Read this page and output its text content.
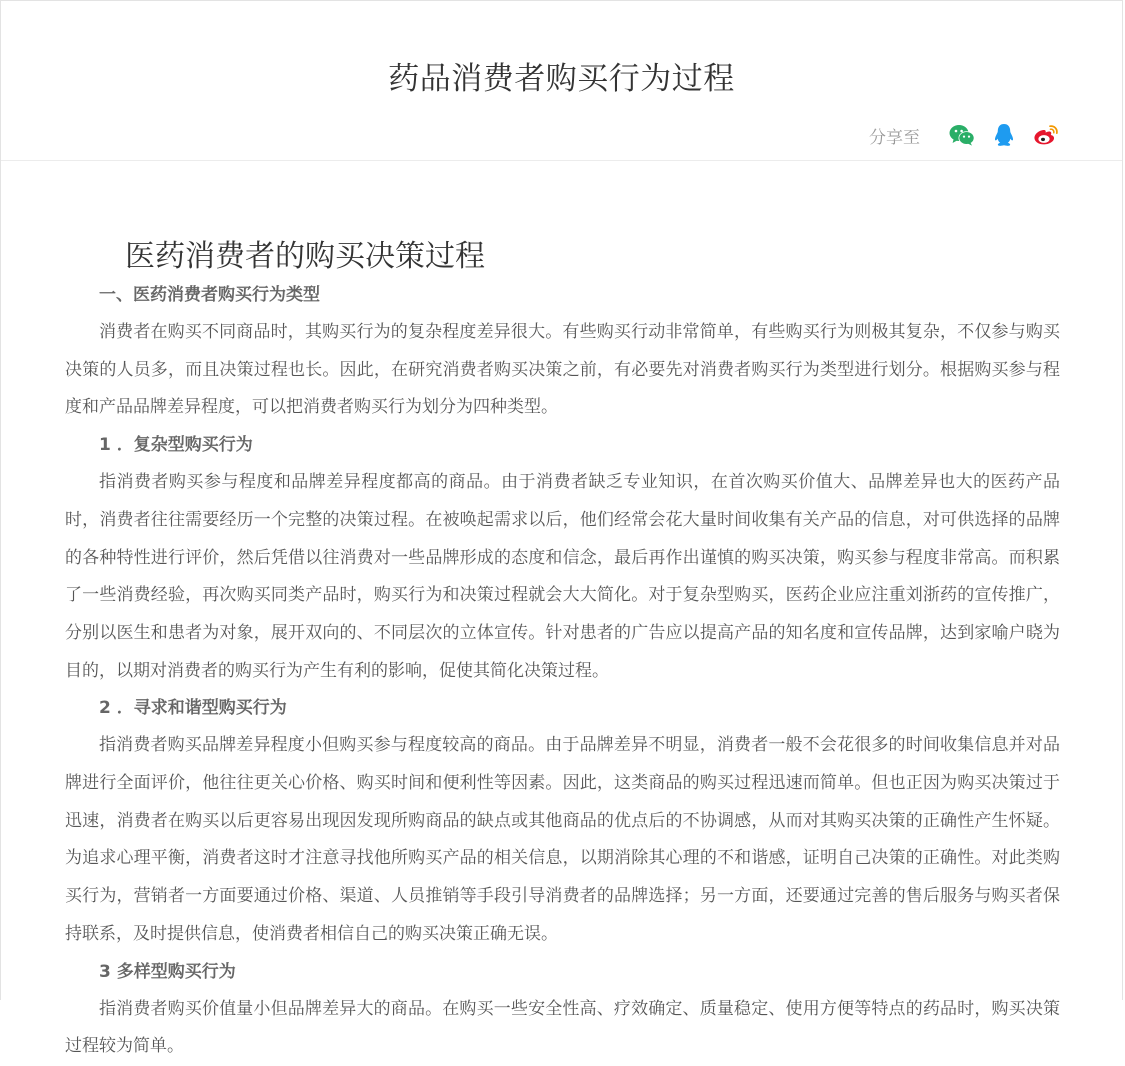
药品消费者购买行为过程
分享至
医药消费者的购买决策过程

一、医药消费者购买行为类型

消费者在购买不同商品时，其购买行为的复杂程度差异很大。有些购买行动非常简单，有些购买行为则极其复杂，不仅参与购买决策的人员多，而且决策过程也长。因此，在研究消费者购买决策之前，有必要先对消费者购买行为类型进行划分。根据购买参与程度和产品品牌差异程度，可以把消费者购买行为划分为四种类型。

1 ．复杂型购买行为

指消费者购买参与程度和品牌差异程度都高的商品。由于消费者缺乏专业知识，在首次购买价值大、品牌差异也大的医药产品时，消费者往往需要经历一个完整的决策过程。在被唤起需求以后，他们经常会花大量时间收集有关产品的信息，对可供选择的品牌的各种特性进行评价，然后凭借以往消费对一些品牌形成的态度和信念，最后再作出谨慎的购买决策，购买参与程度非常高。而积累了一些消费经验，再次购买同类产品时，购买行为和决策过程就会大大简化。对于复杂型购买，医药企业应注重刘浙药的宣传推广，分别以医生和患者为对象，展开双向的、不同层次的立体宣传。针对患者的广告应以提高产品的知名度和宣传品牌，达到家喻户晓为目的，以期对消费者的购买行为产生有利的影响，促使其简化决策过程。

2 ．寻求和谐型购买行为

指消费者购买品牌差异程度小但购买参与程度较高的商品。由于品牌差异不明显，消费者一般不会花很多的时间收集信息并对品牌进行全面评价，他往往更关心价格、购买时间和便利性等因素。因此，这类商品的购买过程迅速而简单。但也正因为购买决策过于迅速，消费者在购买以后更容易出现因发现所购商品的缺点或其他商品的优点后的不协调感，从而对其购买决策的正确性产生怀疑。为追求心理平衡，消费者这时才注意寻找他所购买产品的相关信息，以期消除其心理的不和谐感，证明自己决策的正确性。对此类购买行为，营销者一方面要通过价格、渠道、人员推销等手段引导消费者的品牌选择；另一方面，还要通过完善的售后服务与购买者保持联系，及时提供信息，使消费者相信自己的购买决策正确无误。

3 多样型购买行为

指消费者购买价值量小但品牌差异大的商品。在购买一些安全性高、疗效确定、质量稳定、使用方便等特点的药品时，购买决策过程较为简单。
